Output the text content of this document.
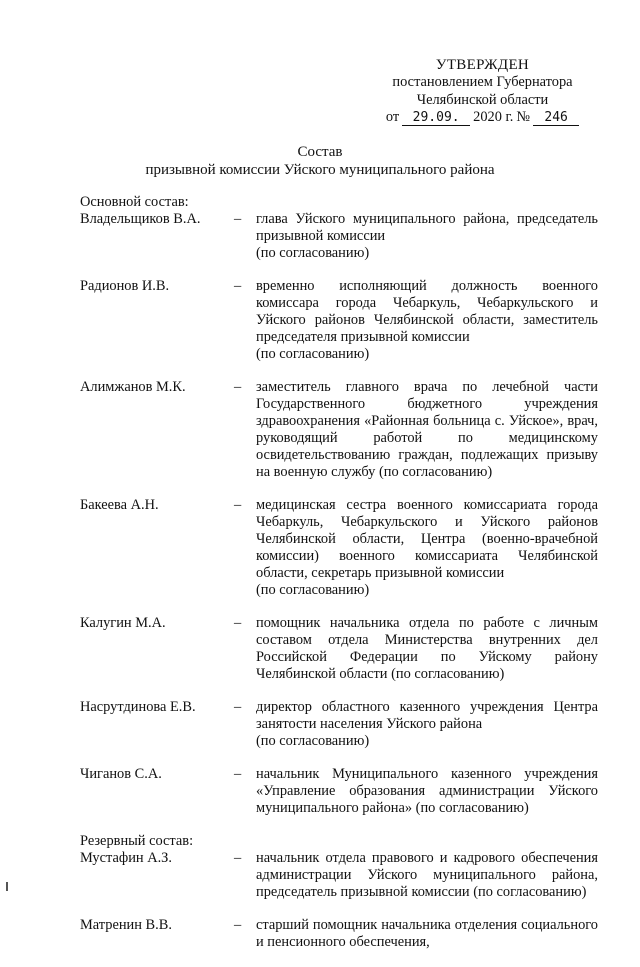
УТВЕРЖДЕН
постановлением Губернатора
Челябинской области
от	29.09. 2020 г. №	246
Состав
призывной комиссии Уйского муниципального района
Основной состав:
Владельщиков В.А.	–	глава Уйского муниципального района, председатель призывной комиссии
(по согласованию)
Радионов И.В.	–	временно исполняющий должность военного комиссара города Чебаркуль, Чебаркульского и Уйского районов Челябинской области, заместитель председателя призывной комиссии
(по согласованию)
Алимжанов М.К.	–	заместитель главного врача по лечебной части Государственного бюджетного учреждения здравоохранения «Районная больница с. Уйское», врач, руководящий работой по медицинскому освидетельствованию граждан, подлежащих призыву на военную службу (по согласованию)
Бакеева А.Н.	–	медицинская сестра военного комиссариата города Чебаркуль, Чебаркульского и Уйского районов Челябинской области, Центра (военно-врачебной комиссии) военного комиссариата Челябинской области, секретарь призывной комиссии
(по согласованию)
Калугин М.А.	–	помощник начальника отдела по работе с личным составом отдела Министерства внутренних дел Российской Федерации по Уйскому району Челябинской области (по согласованию)
Насрутдинова Е.В.	–	директор областного казенного учреждения Центра занятости населения Уйского района
(по согласованию)
Чиганов С.А.	–	начальник Муниципального казенного учреждения «Управление образования администрации Уйского муниципального района» (по согласованию)
Резервный состав:
Мустафин А.З.	–	начальник отдела правового и кадрового обеспечения администрации Уйского муниципального района, председатель призывной комиссии (по согласованию)
Матренин В.В.	–	старший помощник начальника отделения социального и пенсионного обеспечения,
